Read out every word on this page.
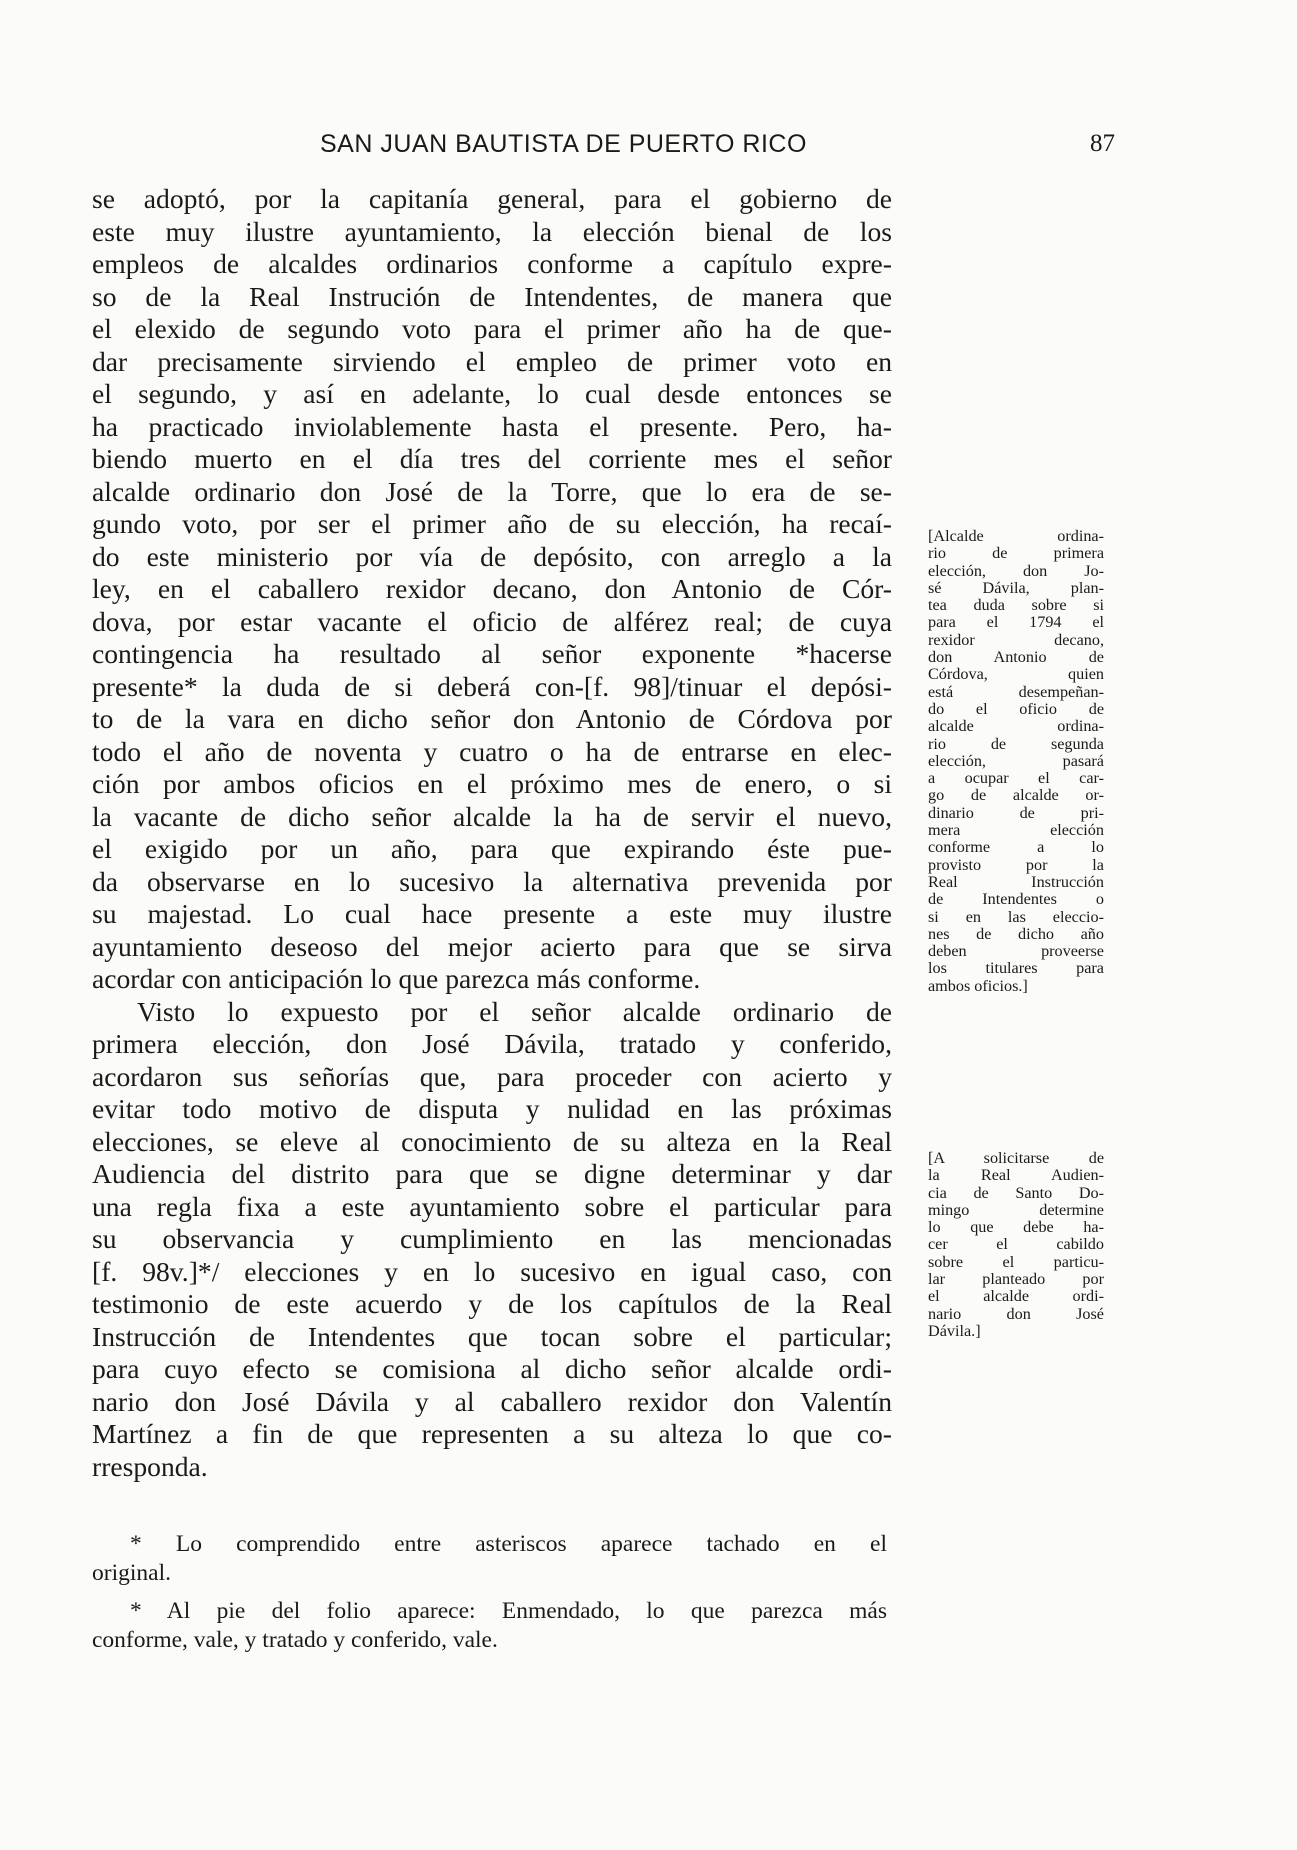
SAN JUAN BAUTISTA DE PUERTO RICO	87
se adoptó, por la capitanía general, para el gobierno de
este muy ilustre ayuntamiento, la elección bienal de los
empleos de alcaldes ordinarios conforme a capítulo expre-
so de la Real Instrución de Intendentes, de manera que
el elexido de segundo voto para el primer año ha de que-
dar precisamente sirviendo el empleo de primer voto en
el segundo, y así en adelante, lo cual desde entonces se
ha practicado inviolablemente hasta el presente. Pero, ha-
biendo muerto en el día tres del corriente mes el señor
alcalde ordinario don José de la Torre, que lo era de se-
gundo voto, por ser el primer año de su elección, ha recaí-
do este ministerio por vía de depósito, con arreglo a la
ley, en el caballero rexidor decano, don Antonio de Cór-
dova, por estar vacante el oficio de alférez real; de cuya
contingencia ha resultado al señor exponente *hacerse
presente* la duda de si deberá con-[f. 98]/tinuar el depósi-
to de la vara en dicho señor don Antonio de Córdova por
todo el año de noventa y cuatro o ha de entrarse en elec-
ción por ambos oficios en el próximo mes de enero, o si
la vacante de dicho señor alcalde la ha de servir el nuevo,
el exigido por un año, para que expirando éste pue-
da observarse en lo sucesivo la alternativa prevenida por
su majestad. Lo cual hace presente a este muy ilustre
ayuntamiento deseoso del mejor acierto para que se sirva
acordar con anticipación lo que parezca más conforme.
Visto lo expuesto por el señor alcalde ordinario de
primera elección, don José Dávila, tratado y conferido,
acordaron sus señorías que, para proceder con acierto y
evitar todo motivo de disputa y nulidad en las próximas
elecciones, se eleve al conocimiento de su alteza en la Real
Audiencia del distrito para que se digne determinar y dar
una regla fixa a este ayuntamiento sobre el particular para
su observancia y cumplimiento en las mencionadas
[f. 98v.]*/ elecciones y en lo sucesivo en igual caso, con
testimonio de este acuerdo y de los capítulos de la Real
Instrucción de Intendentes que tocan sobre el particular;
para cuyo efecto se comisiona al dicho señor alcalde ordi-
nario don José Dávila y al caballero rexidor don Valentín
Martínez a fin de que representen a su alteza lo que co-
rresponda.
[Alcalde ordina-
rio de primera
elección, don Jo-
sé Dávila, plan-
tea duda sobre si
para el 1794 el
rexidor decano,
don Antonio de
Córdova, quien
está desempeñan-
do el oficio de
alcalde ordina-
rio de segunda
elección, pasará
a ocupar el car-
go de alcalde or-
dinario de pri-
mera elección
conforme a lo
provisto por la
Real Instrucción
de Intendentes o
si en las eleccio-
nes de dicho año
deben proveerse
los titulares para
ambos oficios.]
[A solicitarse de
la Real Audien-
cia de Santo Do-
mingo determine
lo que debe ha-
cer el cabildo
sobre el particu-
lar planteado por
el alcalde ordi-
nario don José
Dávila.]
* Lo comprendido entre asteriscos aparece tachado en el
original.
* Al pie del folio aparece: Enmendado, lo que parezca más
conforme, vale, y tratado y conferido, vale.
